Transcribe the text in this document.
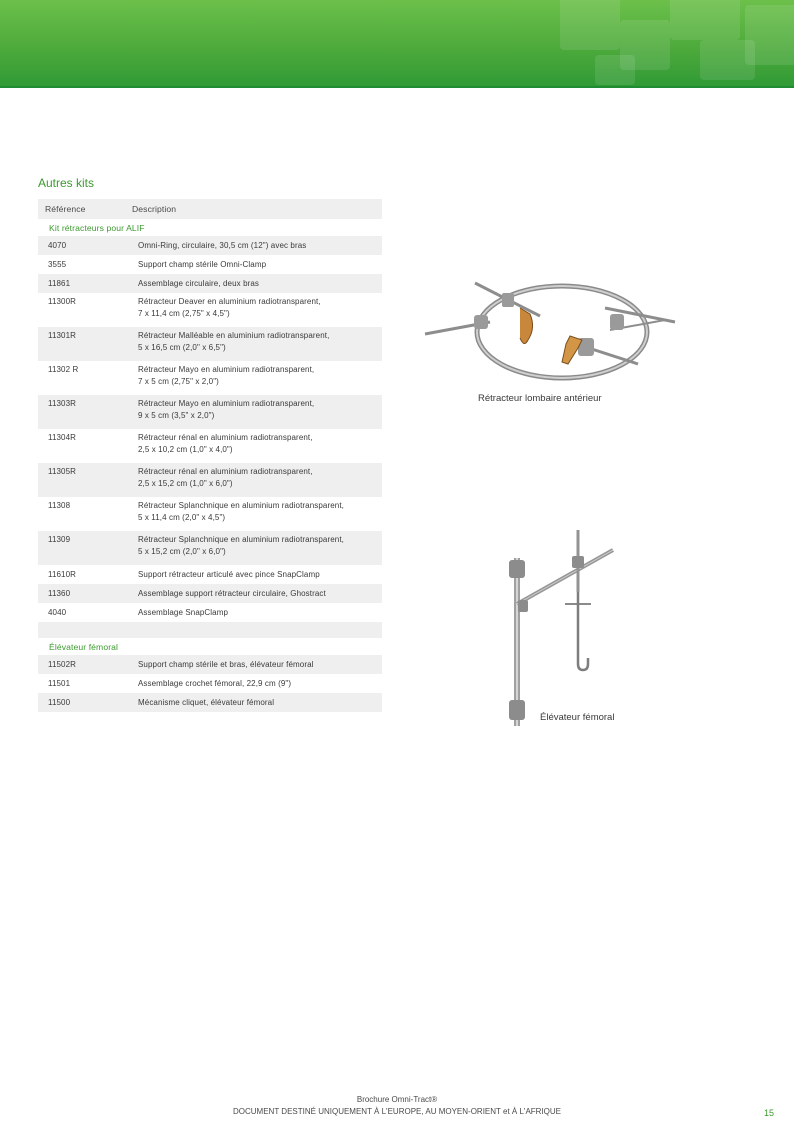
Autres kits
Référence	Description
Kit rétracteurs pour ALIF	
4070	Omni-Ring, circulaire, 30,5 cm (12") avec bras

3555	Support champ stérile Omni-Clamp

11861	Assemblage circulaire, deux bras

11300R	Rétracteur Deaver en aluminium radiotransparent,
7 x 11,4 cm (2,75" x 4,5")

11301R	Rétracteur Malléable en aluminium radiotransparent,
5 x 16,5 cm (2,0" x 6,5")

11302 R	Rétracteur Mayo en aluminium radiotransparent,
7 x 5 cm (2,75" x 2,0")

11303R	Rétracteur Mayo en aluminium radiotransparent,
9 x 5 cm (3,5" x 2,0")

11304R	Rétracteur rénal en aluminium radiotransparent,
2,5 x 10,2 cm (1,0" x 4,0")

11305R	Rétracteur rénal en aluminium radiotransparent,
2,5 x 15,2 cm (1,0" x 6,0")

11308	Rétracteur Splanchnique en aluminium radiotransparent,
5 x 11,4 cm (2,0" x 4,5")

11309	Rétracteur Splanchnique en aluminium radiotransparent,
5 x 15,2 cm (2,0" x 6,0")

11610R	Support rétracteur articulé avec pince SnapClamp

11360	Assemblage support rétracteur circulaire, Ghostract

4040	Assemblage SnapClamp

Élévateur fémoral	
11502R	Support champ stérile et bras, élévateur fémoral

11501	Assemblage crochet fémoral, 22,9 cm (9")

11500	Mécanisme cliquet, élévateur fémoral
Rétracteur lombaire antérieur
Élévateur fémoral
Brochure Omni-Tract®
DOCUMENT DESTINÉ UNIQUEMENT À L'EUROPE, AU MOYEN-ORIENT et À L'AFRIQUE	15
